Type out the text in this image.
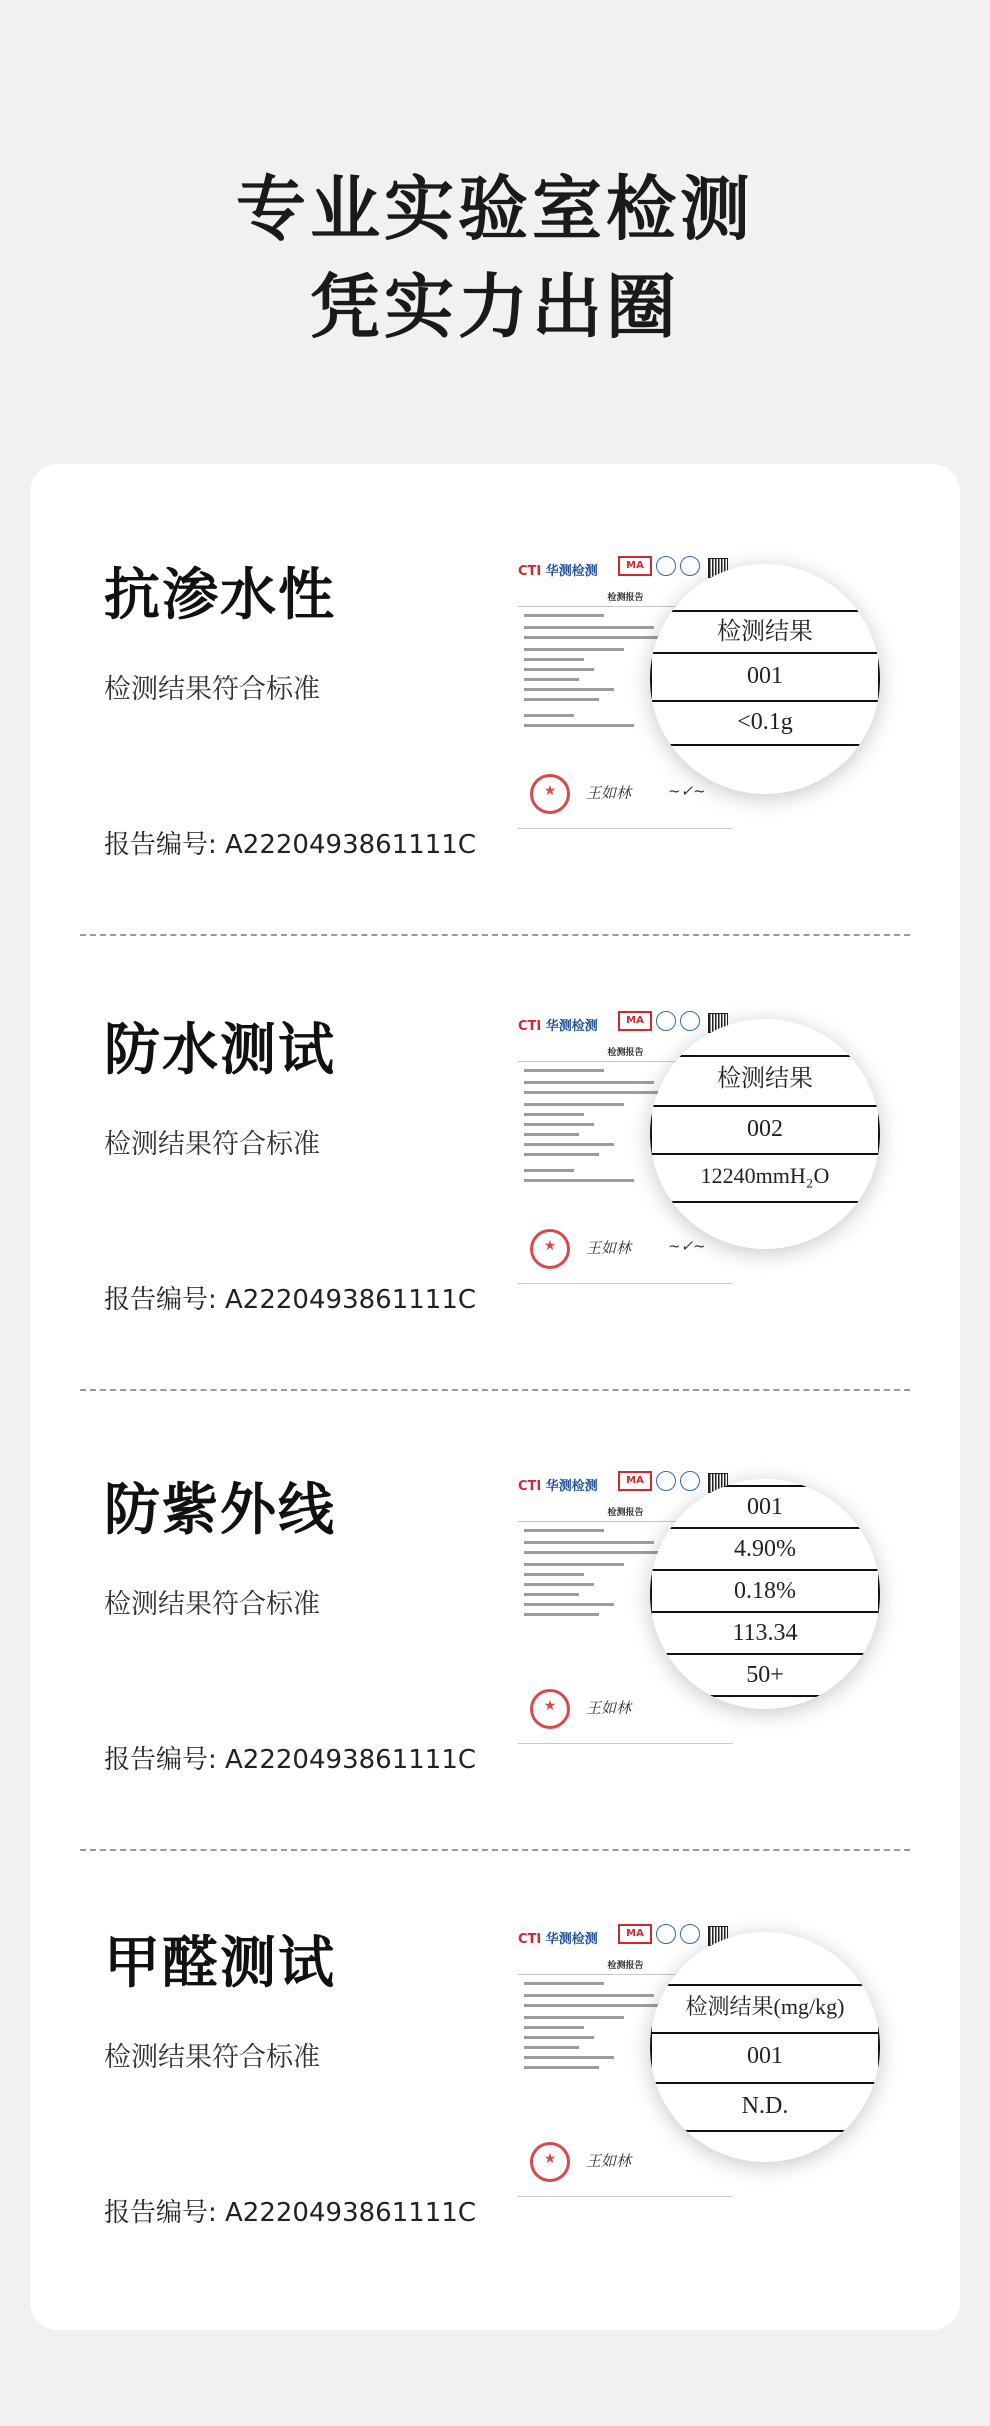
专业实验室检测
凭实力出圈
抗渗水性
检测结果符合标准
报告编号: A2220493861111C
CTI 华测检测	MA
检测报告
★
王如林 ~✓~
检测结果
001
<0.1g
防水测试
检测结果符合标准
报告编号: A2220493861111C
CTI 华测检测	MA
检测报告
★
王如林 ~✓~
检测结果
002
12240mmH₂O
防紫外线
检测结果符合标准
报告编号: A2220493861111C
CTI 华测检测	MA
检测报告
★
王如林
001
4.90%
0.18%
113.34
50+
甲醛测试
检测结果符合标准
报告编号: A2220493861111C
CTI 华测检测	MA
检测报告
★
王如林
检测结果(mg/kg)
001
N.D.
